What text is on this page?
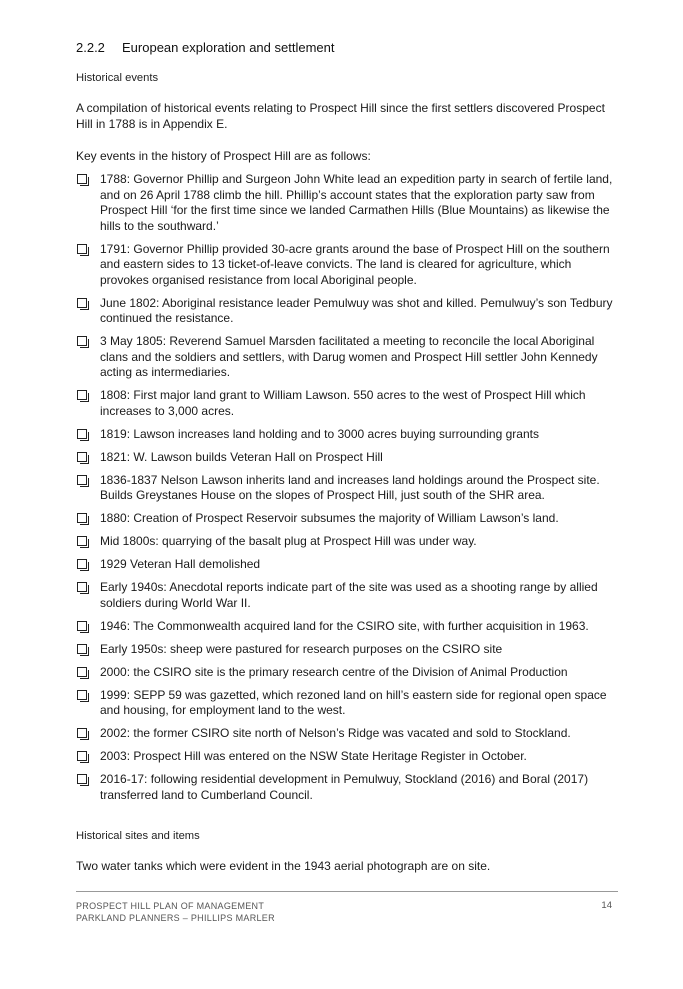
2.2.2 European exploration and settlement
Historical events
A compilation of historical events relating to Prospect Hill since the first settlers discovered Prospect Hill in 1788 is in Appendix E.
Key events in the history of Prospect Hill are as follows:
1788: Governor Phillip and Surgeon John White lead an expedition party in search of fertile land, and on 26 April 1788 climb the hill. Phillip’s account states that the exploration party saw from Prospect Hill ‘for the first time since we landed Carmathen Hills (Blue Mountains) as likewise the hills to the southward.’
1791: Governor Phillip provided 30-acre grants around the base of Prospect Hill on the southern and eastern sides to 13 ticket-of-leave convicts. The land is cleared for agriculture, which provokes organised resistance from local Aboriginal people.
June 1802: Aboriginal resistance leader Pemulwuy was shot and killed. Pemulwuy’s son Tedbury continued the resistance.
3 May 1805: Reverend Samuel Marsden facilitated a meeting to reconcile the local Aboriginal clans and the soldiers and settlers, with Darug women and Prospect Hill settler John Kennedy acting as intermediaries.
1808: First major land grant to William Lawson. 550 acres to the west of Prospect Hill which increases to 3,000 acres.
1819: Lawson increases land holding and to 3000 acres buying surrounding grants
1821: W. Lawson builds Veteran Hall on Prospect Hill
1836-1837 Nelson Lawson inherits land and increases land holdings around the Prospect site. Builds Greystanes House on the slopes of Prospect Hill, just south of the SHR area.
1880: Creation of Prospect Reservoir subsumes the majority of William Lawson’s land.
Mid 1800s: quarrying of the basalt plug at Prospect Hill was under way.
1929 Veteran Hall demolished
Early 1940s: Anecdotal reports indicate part of the site was used as a shooting range by allied soldiers during World War II.
1946: The Commonwealth acquired land for the CSIRO site, with further acquisition in 1963.
Early 1950s: sheep were pastured for research purposes on the CSIRO site
2000: the CSIRO site is the primary research centre of the Division of Animal Production
1999: SEPP 59 was gazetted, which rezoned land on hill’s eastern side for regional open space and housing, for employment land to the west.
2002: the former CSIRO site north of Nelson’s Ridge was vacated and sold to Stockland.
2003: Prospect Hill was entered on the NSW State Heritage Register in October.
2016-17: following residential development in Pemulwuy, Stockland (2016) and Boral (2017) transferred land to Cumberland Council.
Historical sites and items
Two water tanks which were evident in the 1943 aerial photograph are on site.
PROSPECT HILL PLAN OF MANAGEMENT
PARKLAND PLANNERS – PHILLIPS MARLER
14
